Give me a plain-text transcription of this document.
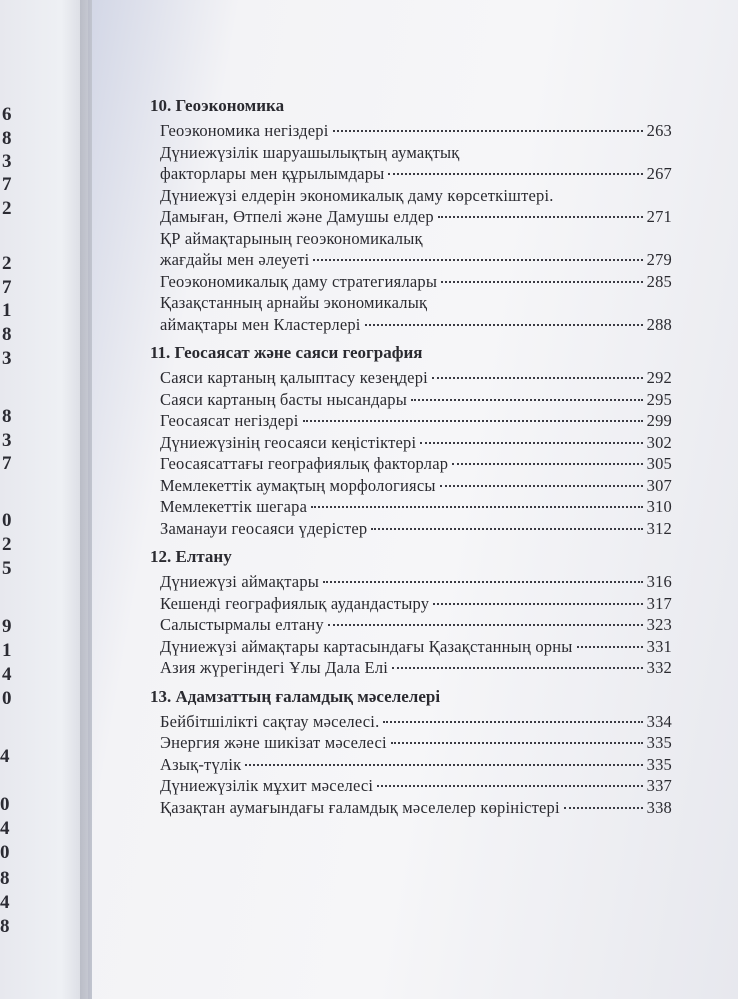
6
8
3
7
2
2
7
1
8
3
8
3
7
0
2
5
9
1
4
0
4
0
4
0
8
4
8
10. Геоэкономика
Геоэкономика негіздері	263
Дүниежүзілік шаруашылықтың аумақтық
факторлары мен құрылымдары	267
Дүниежүзі елдерін экономикалық даму көрсеткіштері.
Дамыған, Өтпелі және Дамушы елдер	271
ҚР аймақтарының геоэкономикалық
жағдайы мен әлеуеті	279
Геоэкономикалық даму стратегиялары	285
Қазақстанның арнайы экономикалық
аймақтары мен Кластерлері	288
11. Геосаясат және саяси география
Саяси картаның қалыптасу кезеңдері	292
Саяси картаның басты нысандары	295
Геосаясат негіздері	299
Дүниежүзінің геосаяси кеңістіктері	302
Геосаясаттағы географиялық факторлар	305
Мемлекеттік аумақтың морфологиясы	307
Мемлекеттік шегара	310
Заманауи геосаяси үдерістер	312
12. Елтану
Дүниежүзі аймақтары	316
Кешенді географиялық аудандастыру	317
Салыстырмалы елтану	323
Дүниежүзі аймақтары картасындағы Қазақстанның орны	331
Азия жүрегіндегі Ұлы Дала Елі	332
13. Адамзаттың ғаламдық мәселелері
Бейбітшілікті сақтау мәселесі.	334
Энергия және шикізат мәселесі	335
Азық-түлік	335
Дүниежүзілік мұхит мәселесі	337
Қазақтан аумағындағы ғаламдық мәселелер көріністері	338
